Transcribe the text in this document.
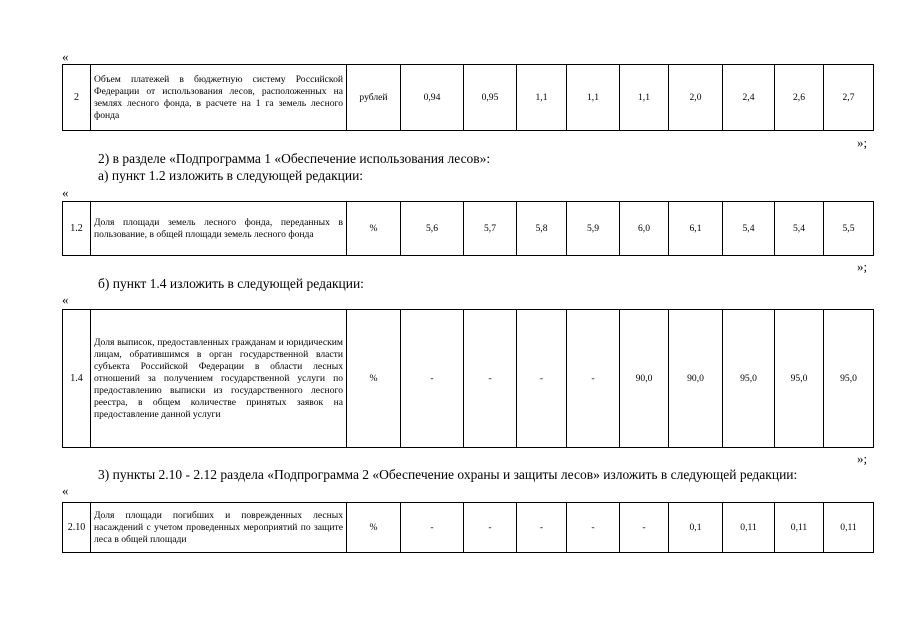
«
2	Объем платежей в бюджетную систему Российской Федерации от использования лесов, расположенных на землях лесного фонда, в расчете на 1 га земель лесного фонда	рублей	0,94	0,95	1,1	1,1	1,1	2,0	2,4	2,6	2,7
»;
2) в разделе «Подпрограмма 1 «Обеспечение использования лесов»:
а) пункт 1.2 изложить в следующей редакции:
«
1.2	Доля площади земель лесного фонда, переданных в пользование, в общей площади земель лесного фонда	%	5,6	5,7	5,8	5,9	6,0	6,1	5,4	5,4	5,5
»;
б) пункт 1.4 изложить в следующей редакции:
«
1.4	Доля выписок, предоставленных гражданам и юридическим лицам, обратившимся в орган государственной власти субъекта Российской Федерации в области лесных отношений за получением государственной услуги по предоставлению выписки из государственного лесного реестра, в общем количестве принятых заявок на предоставление данной услуги	%	-	-	-	-	90,0	90,0	95,0	95,0	95,0
»;
3) пункты 2.10 - 2.12 раздела «Подпрограмма 2 «Обеспечение охраны и защиты лесов» изложить в следующей редакции:
«
2.10	Доля площади погибших и поврежденных лесных насаждений с учетом проведенных мероприятий по защите леса в общей площади	%	-	-	-	-	-	0,1	0,11	0,11	0,11
